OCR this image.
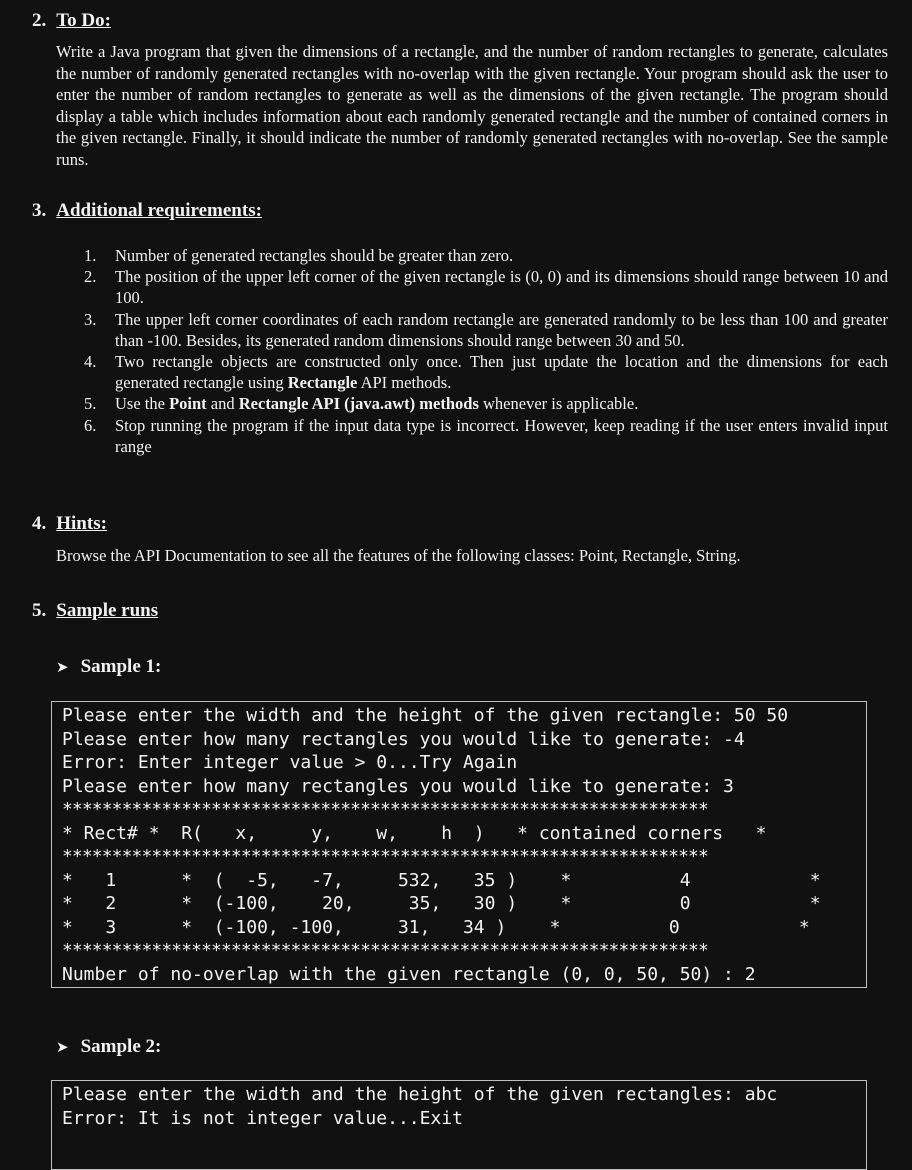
2. To Do:

Write a Java program that given the dimensions of a rectangle, and the number of random rectangles to generate, calculates the number of randomly generated rectangles with no-overlap with the given rectangle. Your program should ask the user to enter the number of random rectangles to generate as well as the dimensions of the given rectangle. The program should display a table which includes information about each randomly generated rectangle and the number of contained corners in the given rectangle. Finally, it should indicate the number of randomly generated rectangles with no-overlap. See the sample runs.

3. Additional requirements:
1. Number of generated rectangles should be greater than zero.
2. The position of the upper left corner of the given rectangle is (0, 0) and its dimensions should range between 10 and 100.
3. The upper left corner coordinates of each random rectangle are generated randomly to be less than 100 and greater than -100. Besides, its generated random dimensions should range between 30 and 50.
4. Two rectangle objects are constructed only once. Then just update the location and the dimensions for each generated rectangle using Rectangle API methods.
5. Use the Point and Rectangle API (java.awt) methods whenever is applicable.
6. Stop running the program if the input data type is incorrect. However, keep reading if the user enters invalid input range
4. Hints:

Browse the API Documentation to see all the features of the following classes: Point, Rectangle, String.

5. Sample runs
➤ Sample 1:
Please enter the width and the height of the given rectangle: 50 50
Please enter how many rectangles you would like to generate: -4
Error: Enter integer value > 0...Try Again
Please enter how many rectangles you would like to generate: 3
*****************************************************************
* Rect# *  R(   x,     y,    w,    h  )   * contained corners   *
*****************************************************************
*   1      *  (  -5,   -7,     532,   35 )    *          4           *
*   2      *  (-100,    20,     35,   30 )    *          0           *
*   3      *  (-100, -100,     31,   34 )    *          0           *
*****************************************************************
Number of no-overlap with the given rectangle (0, 0, 50, 50) : 2
➤ Sample 2:
Please enter the width and the height of the given rectangles: abc
Error: It is not integer value...Exit
